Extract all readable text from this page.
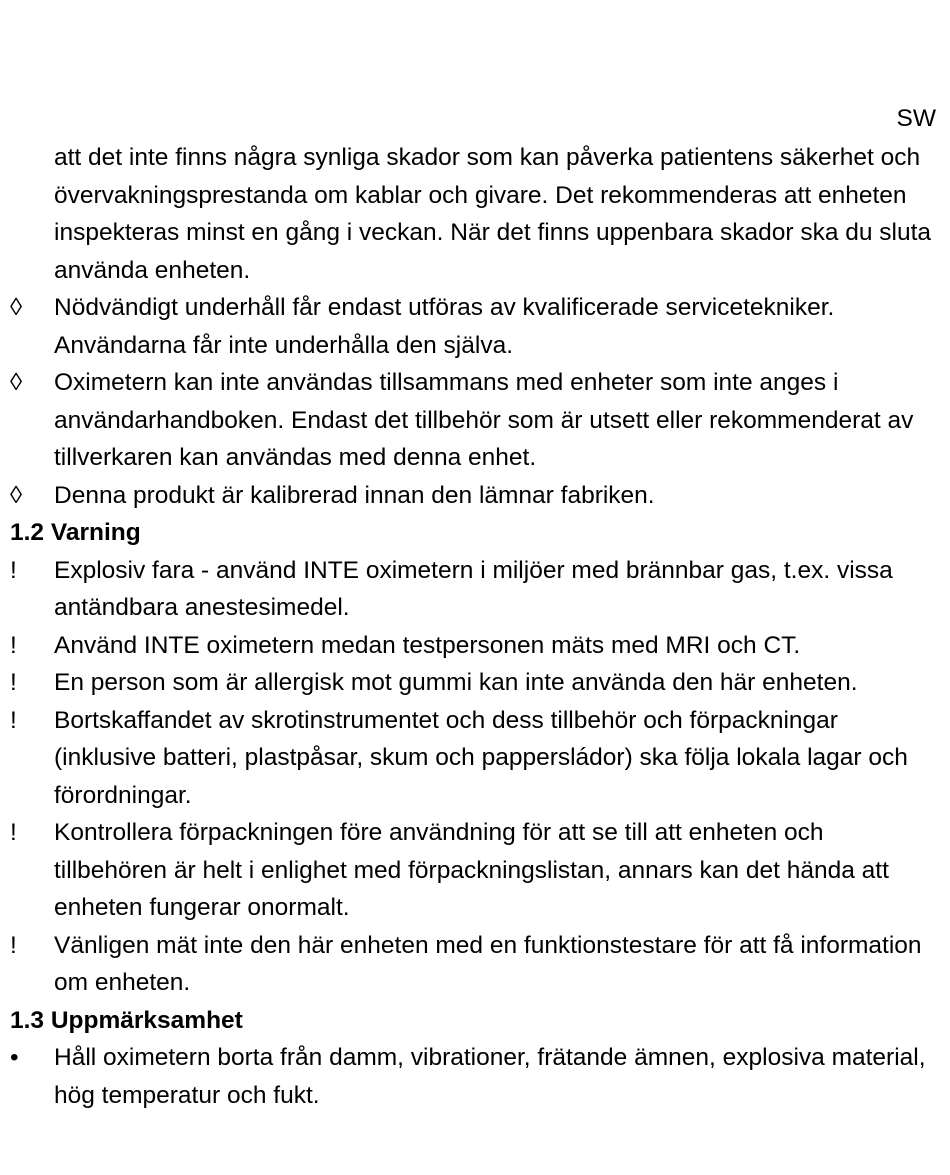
SW
att det inte finns några synliga skador som kan påverka patientens säkerhet och övervakningsprestanda om kablar och givare. Det rekommenderas att enheten inspekteras minst en gång i veckan. När det finns uppenbara skador ska du sluta använda enheten.
◊	Nödvändigt underhåll får endast utföras av kvalificerade servicetekniker. Användarna får inte underhålla den själva.
◊	Oximetern kan inte användas tillsammans med enheter som inte anges i användarhandboken. Endast det tillbehör som är utsett eller rekommenderat av tillverkaren kan användas med denna enhet.
◊	Denna produkt är kalibrerad innan den lämnar fabriken.
1.2 Varning
!	Explosiv fara - använd INTE oximetern i miljöer med brännbar gas, t.ex. vissa antändbara anestesimedel.
!	Använd INTE oximetern medan testpersonen mäts med MRI och CT.
!	En person som är allergisk mot gummi kan inte använda den här enheten.
!	Bortskaffandet av skrotinstrumentet och dess tillbehör och förpackningar (inklusive batteri, plastpåsar, skum och pappersládor) ska följa lokala lagar och förordningar.
!	Kontrollera förpackningen före användning för att se till att enheten och tillbehören är helt i enlighet med förpackningslistan, annars kan det hända att enheten fungerar onormalt.
!	Vänligen mät inte den här enheten med en funktionstestare för att få information om enheten.
1.3 Uppmärksamhet
•	Håll oximetern borta från damm, vibrationer, frätande ämnen, explosiva material, hög temperatur och fukt.
